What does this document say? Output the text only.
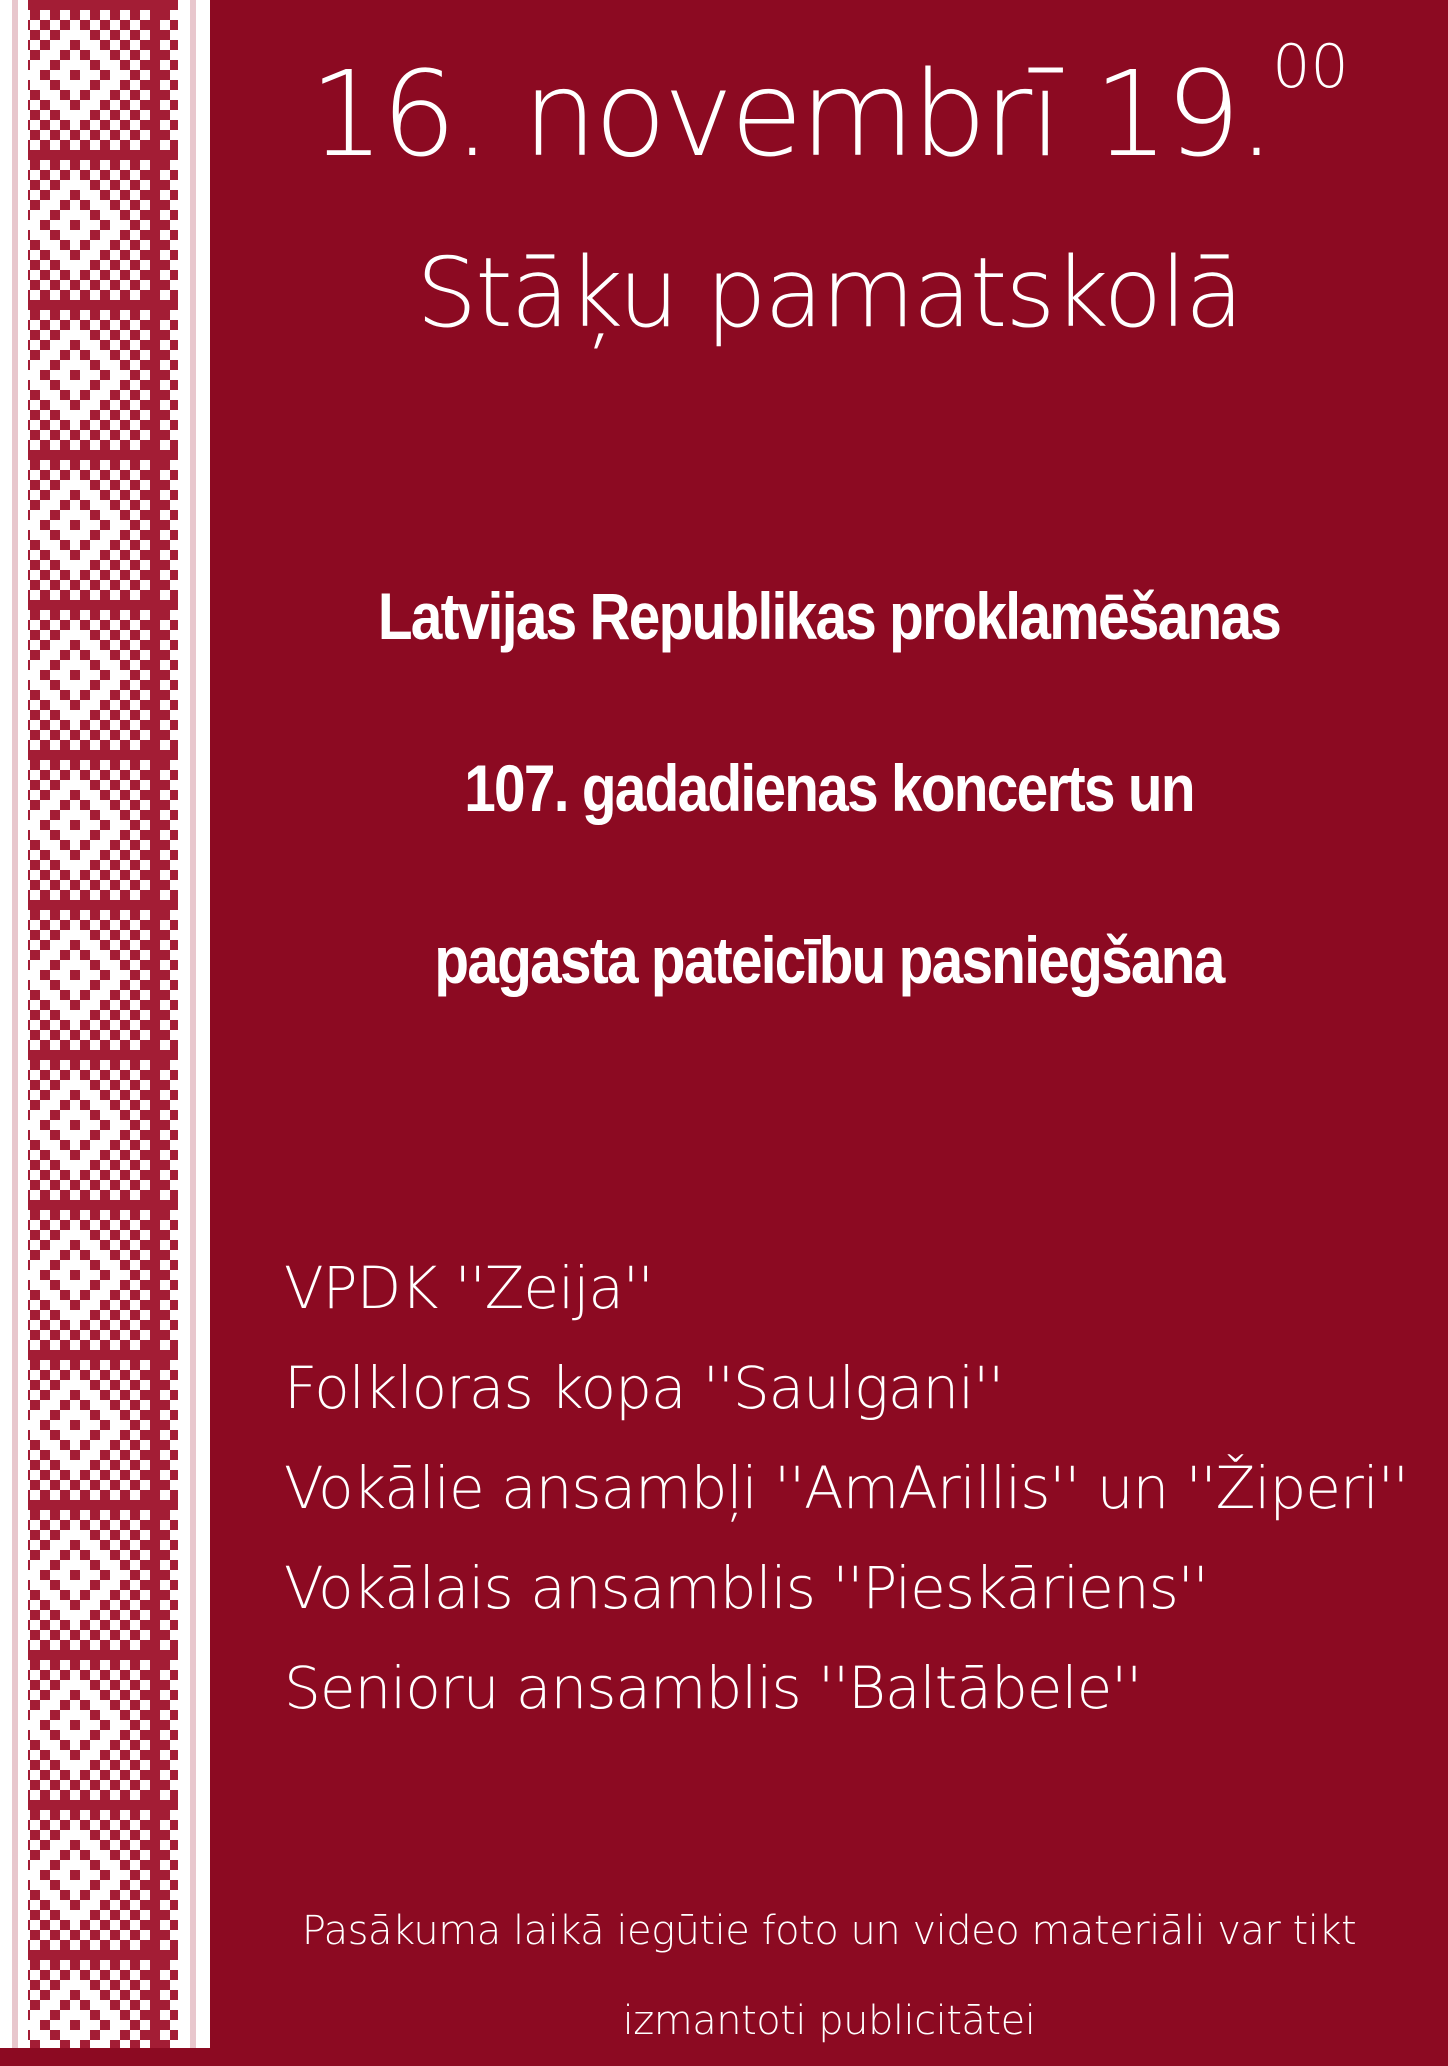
16. novembrī 19.00
Stāķu pamatskolā
Latvijas Republikas proklamēšanas
107. gadadienas koncerts un
pagasta pateicību pasniegšana
VPDK ''Zeija''
Folkloras kopa ''Saulgani''
Vokālie ansambļi ''AmArillis'' un ''Žiperi''
Vokālais ansamblis ''Pieskāriens''
Senioru ansamblis ''Baltābele''
Pasākuma laikā iegūtie foto un video materiāli var tikt
izmantoti publicitātei
